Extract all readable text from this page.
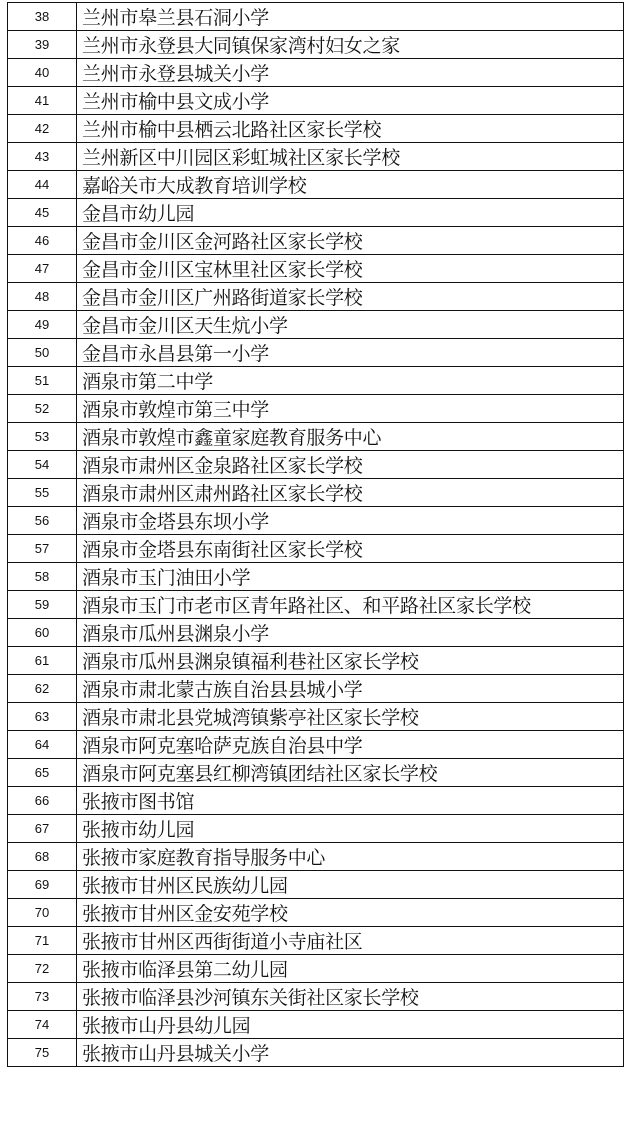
38	兰州市皋兰县石洞小学
39	兰州市永登县大同镇保家湾村妇女之家
40	兰州市永登县城关小学
41	兰州市榆中县文成小学
42	兰州市榆中县栖云北路社区家长学校
43	兰州新区中川园区彩虹城社区家长学校
44	嘉峪关市大成教育培训学校
45	金昌市幼儿园
46	金昌市金川区金河路社区家长学校
47	金昌市金川区宝林里社区家长学校
48	金昌市金川区广州路街道家长学校
49	金昌市金川区天生炕小学
50	金昌市永昌县第一小学
51	酒泉市第二中学
52	酒泉市敦煌市第三中学
53	酒泉市敦煌市鑫童家庭教育服务中心
54	酒泉市肃州区金泉路社区家长学校
55	酒泉市肃州区肃州路社区家长学校
56	酒泉市金塔县东坝小学
57	酒泉市金塔县东南街社区家长学校
58	酒泉市玉门油田小学
59	酒泉市玉门市老市区青年路社区、和平路社区家长学校
60	酒泉市瓜州县渊泉小学
61	酒泉市瓜州县渊泉镇福利巷社区家长学校
62	酒泉市肃北蒙古族自治县县城小学
63	酒泉市肃北县党城湾镇紫亭社区家长学校
64	酒泉市阿克塞哈萨克族自治县中学
65	酒泉市阿克塞县红柳湾镇团结社区家长学校
66	张掖市图书馆
67	张掖市幼儿园
68	张掖市家庭教育指导服务中心
69	张掖市甘州区民族幼儿园
70	张掖市甘州区金安苑学校
71	张掖市甘州区西街街道小寺庙社区
72	张掖市临泽县第二幼儿园
73	张掖市临泽县沙河镇东关街社区家长学校
74	张掖市山丹县幼儿园
75	张掖市山丹县城关小学
